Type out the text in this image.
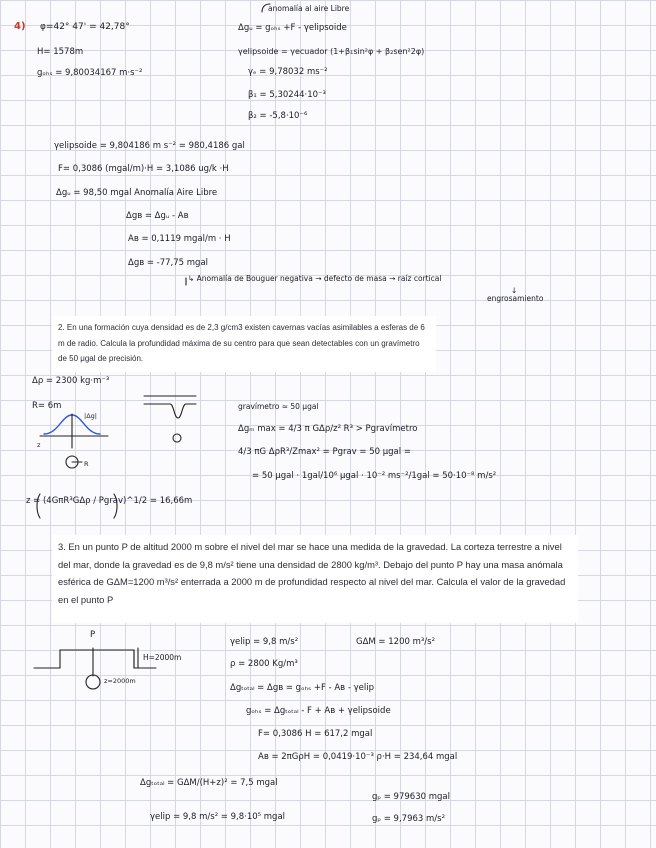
4) φ=42° 47' = 42,78°
H= 1578m
gₒₕₛ = 9,80034167 m·s⁻²
anomalía al aire Libre
Δgᵤ = gₒₕₛ +F - γelipsoide
γelipsoide = γecuador (1+β₁sin²φ + β₂sen²2φ)
γₑ = 9,78032 ms⁻²
β₁ = 5,30244·10⁻³
β₂ = -5,8·10⁻⁶
γelipsoide = 9,804186 m s⁻² = 980,4186 gal
F= 0,3086 (mgal/m)·H = 3,1086 ug/k ·H
Δgᵤ = 98,50 mgal Anomalía Aire Libre
Δgʙ = Δgᵤ - Aʙ
Aʙ = 0,1119 mgal/m · H
Δgʙ = -77,75 mgal
↳ Anomalía de Bouguer negativa → defecto de masa → raíz cortical
↓
engrosamiento
2. En una formación cuya densidad es de 2,3 g/cm3 existen cavernas vacías asimilables a esferas de 6 m de radio. Calcula la profundidad máxima de su centro para que sean detectables con un gravímetro de 50 μgal de precisión.
Δρ = 2300 kg·m⁻³
R= 6m
|Δg|
z
R
gravímetro ≈ 50 μgal
Δgₘ max = 4/3 π GΔρ/z² R³ > Pgravímetro
4/3 πG ΔρR³/Zmax² = Pgrav = 50 μgal =
= 50 μgal · 1gal/10⁶ μgal · 10⁻² ms⁻²/1gal = 50·10⁻⁸ m/s²
z = (4GπR³GΔρ / Pgrav)^1/2 = 16,66m
3. En un punto P de altitud 2000 m sobre el nivel del mar se hace una medida de la gravedad. La corteza terrestre a nivel del mar, donde la gravedad es de 9,8 m/s² tiene una densidad de 2800 kg/m³. Debajo del punto P hay una masa anómala esférica de GΔM=1200 m³/s² enterrada a 2000 m de profundidad respecto al nivel del mar. Calcula el valor de la gravedad en el punto P
P
H=2000m
z=2000m
γelip = 9,8 m/s²	GΔM = 1200 m³/s²
ρ = 2800 Kg/m³
Δgₜₒₜₐₗ = Δgʙ = gₒₕₛ +F - Aʙ - γelip
gₒₕₛ = Δgₜₒₜₐₗ - F + Aʙ + γelipsoide
F= 0,3086 H = 617,2 mgal
Aʙ = 2πGρH = 0,0419·10⁻³ ρ·H = 234,64 mgal
Δgₜₒₜₐₗ = GΔM/(H+z)² = 7,5 mgal
γelip = 9,8 m/s² = 9,8·10⁵ mgal
gₚ = 979630 mgal
gₚ = 9,7963 m/s²
